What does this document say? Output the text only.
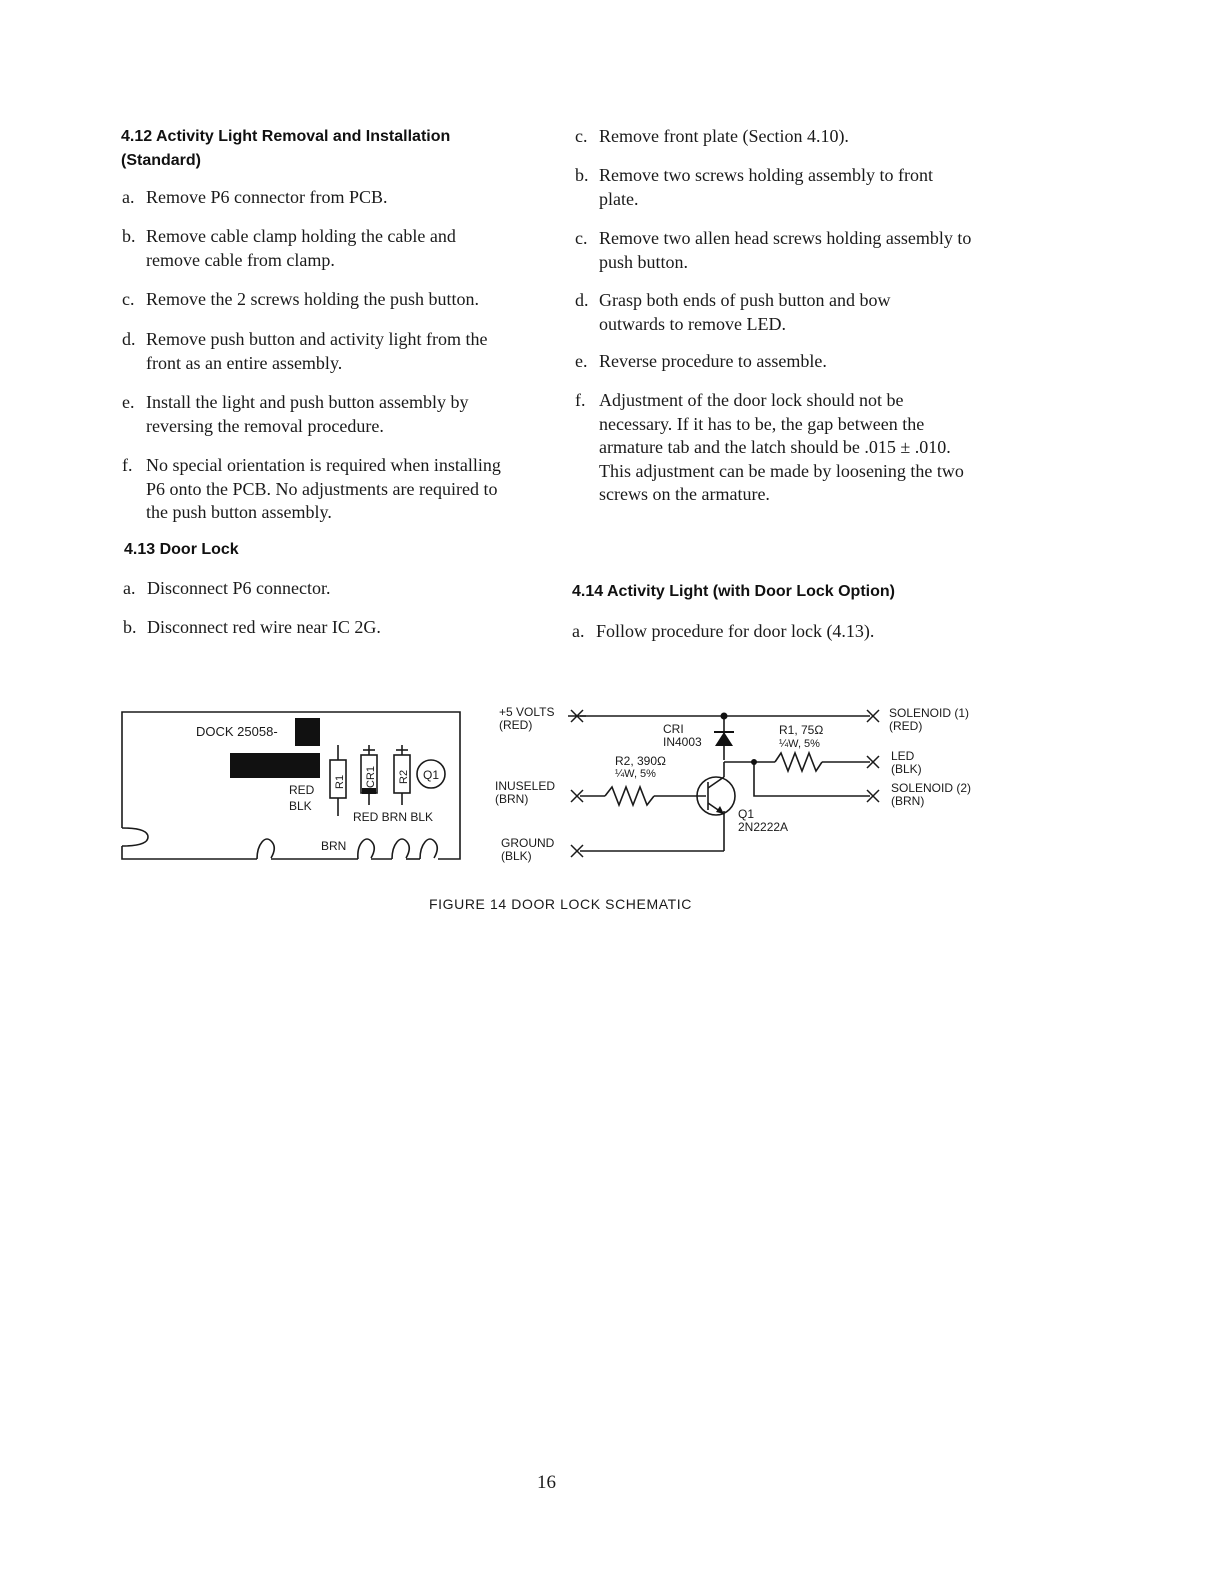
4.12 Activity Light Removal and Installation
(Standard)
a. Remove P6 connector from PCB.
b. Remove cable clamp holding the cable and remove cable from clamp.
c. Remove the 2 screws holding the push button.
d. Remove push button and activity light from the front as an entire assembly.
e. Install the light and push button assembly by reversing the removal procedure.
f. No special orientation is required when installing P6 onto the PCB. No adjustments are required to the push button assembly.
4.13 Door Lock
a. Disconnect P6 connector.
b. Disconnect red wire near IC 2G.
c. Remove front plate (Section 4.10).
b. Remove two screws holding assembly to front plate.
c. Remove two allen head screws holding assembly to push button.
d. Grasp both ends of push button and bow outwards to remove LED.
e. Reverse procedure to assemble.
f. Adjustment of the door lock should not be necessary. If it has to be, the gap between the armature tab and the latch should be .015 ± .010. This adjustment can be made by loosening the two screws on the armature.
4.14 Activity Light (with Door Lock Option)
a. Follow procedure for door lock (4.13).
DOCK 25058-
R1 CR1 R2 Q1
RED
BLK
RED BRN BLK
BRN
+5 VOLTS
(RED)
INUSELED
(BRN)
GROUND
(BLK)
CRI
IN4003
R1, 75Ω
¼W, 5%
R2, 390Ω
¼W, 5%
Q1
2N2222A
SOLENOID (1)
(RED)
LED
(BLK)
SOLENOID (2)
(BRN)
FIGURE 14 DOOR LOCK SCHEMATIC
16
